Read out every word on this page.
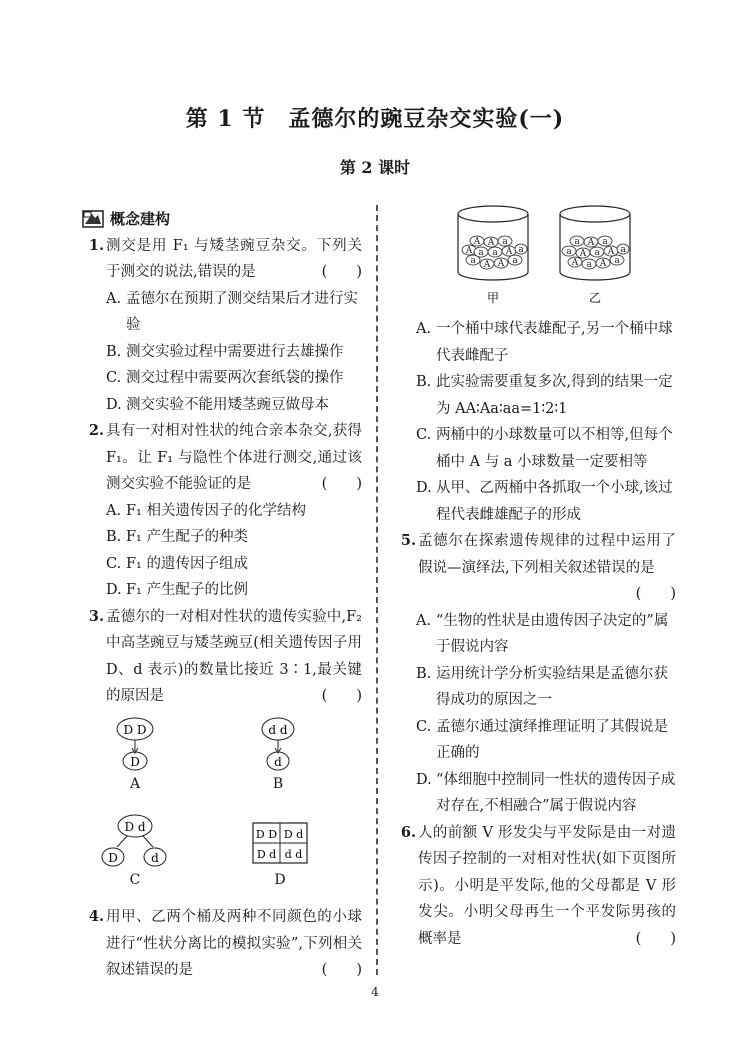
第 1 节　孟德尔的豌豆杂交实验(一)
第 2 课时
概念建构
1. 测交是用 F₁ 与矮茎豌豆杂交。下列关于测交的说法,错误的是	(　　)
A. 孟德尔在预期了测交结果后才进行实验
B. 测交实验过程中需要进行去雄操作
C. 测交过程中需要两次套纸袋的操作
D. 测交实验不能用矮茎豌豆做母本
2. 具有一对相对性状的纯合亲本杂交,获得 F₁。让 F₁ 与隐性个体进行测交,通过该测交实验不能验证的是	(　　)
A. F₁ 相关遗传因子的化学结构
B. F₁ 产生配子的种类
C. F₁ 的遗传因子组成
D. F₁ 产生配子的比例
3. 孟德尔的一对相对性状的遗传实验中,F₂ 中高茎豌豆与矮茎豌豆(相关遗传因子用 D、d 表示)的数量比接近 3∶1,最关键的原因是	(　　)
D D
D
A
d d
d
B
D d
D	d
C
D D D d
D d d d
D
4. 用甲、乙两个桶及两种不同颜色的小球进行“性状分离比的模拟实验”,下列相关叙述错误的是	(　　)
a A A a
A a a A a
A A a
A a A a
a A a A a
a A a
甲	乙
A. 一个桶中球代表雄配子,另一个桶中球代表雌配子
B. 此实验需要重复多次,得到的结果一定为 AA∶Aa∶aa=1∶2∶1
C. 两桶中的小球数量可以不相等,但每个桶中 A 与 a 小球数量一定要相等
D. 从甲、乙两桶中各抓取一个小球,该过程代表雌雄配子的形成
5. 孟德尔在探索遗传规律的过程中运用了假说—演绎法,下列相关叙述错误的是
(　　)
A. “生物的性状是由遗传因子决定的”属于假说内容
B. 运用统计学分析实验结果是孟德尔获得成功的原因之一
C. 孟德尔通过演绎推理证明了其假说是正确的
D. “体细胞中控制同一性状的遗传因子成对存在,不相融合”属于假说内容
6. 人的前额 V 形发尖与平发际是由一对遗传因子控制的一对相对性状(如下页图所示)。小明是平发际,他的父母都是 V 形发尖。小明父母再生一个平发际男孩的概率是	(　　)
4
